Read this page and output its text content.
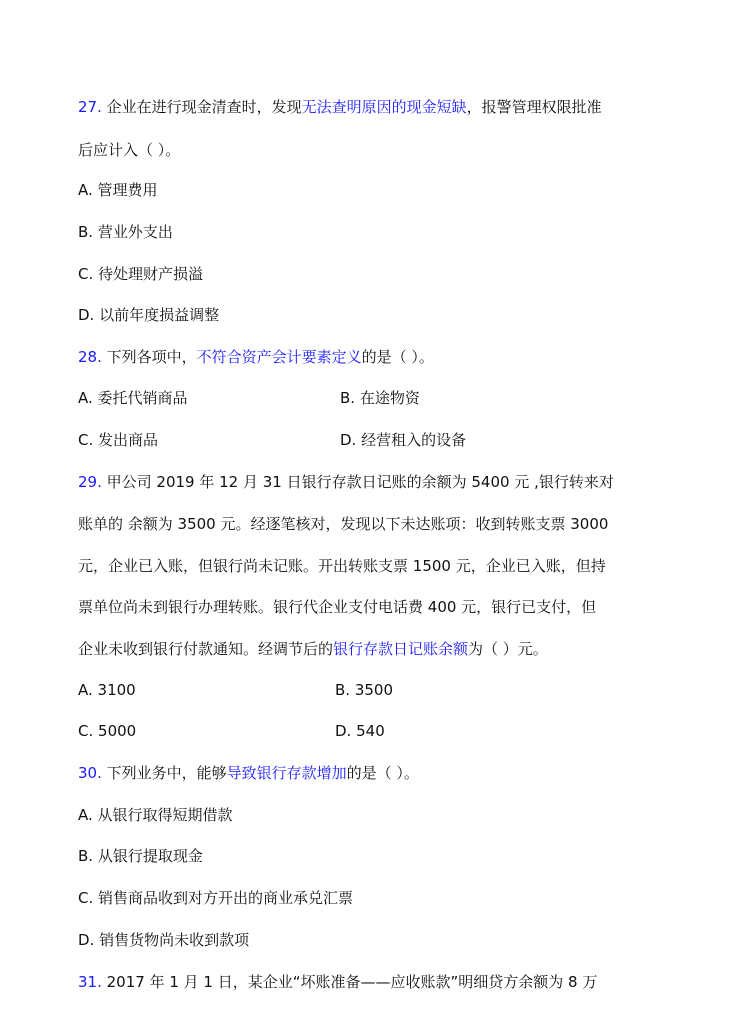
27. 企业在进行现金清查时，发现无法查明原因的现金短缺，报警管理权限批准
后应计入（ ）。
A. 管理费用
B. 营业外支出
C. 待处理财产损溢
D. 以前年度损益调整
28. 下列各项中，不符合资产会计要素定义的是（ ）。
A. 委托代销商品	B. 在途物资
C. 发出商品	D. 经营租入的设备
29. 甲公司 2019 年 12 月 31 日银行存款日记账的余额为 5400 元 ,银行转来对
账单的 余额为 3500 元。经逐笔核对，发现以下未达账项：收到转账支票 3000
元，企业已入账，但银行尚未记账。开出转账支票 1500 元，企业已入账，但持
票单位尚未到银行办理转账。银行代企业支付电话费 400 元，银行已支付，但
企业未收到银行付款通知。经调节后的银行存款日记账余额为（ ）元。
A. 3100	B. 3500
C. 5000	D. 540
30. 下列业务中，能够导致银行存款增加的是（ ）。
A. 从银行取得短期借款
B. 从银行提取现金
C. 销售商品收到对方开出的商业承兑汇票
D. 销售货物尚未收到款项
31. 2017 年 1 月 1 日，某企业“坏账准备——应收账款”明细贷方余额为 8 万
